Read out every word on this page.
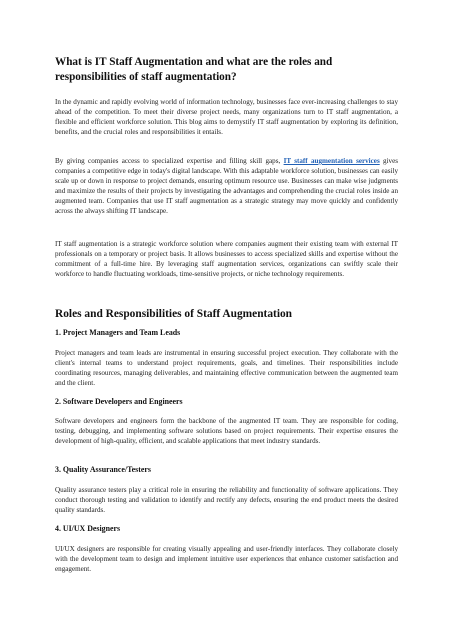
What is IT Staff Augmentation and what are the roles and responsibilities of staff augmentation?

In the dynamic and rapidly evolving world of information technology, businesses face ever-increasing challenges to stay ahead of the competition. To meet their diverse project needs, many organizations turn to IT staff augmentation, a flexible and efficient workforce solution. This blog aims to demystify IT staff augmentation by exploring its definition, benefits, and the crucial roles and responsibilities it entails.

By giving companies access to specialized expertise and filling skill gaps, IT staff augmentation services gives companies a competitive edge in today's digital landscape. With this adaptable workforce solution, businesses can easily scale up or down in response to project demands, ensuring optimum resource use. Businesses can make wise judgments and maximize the results of their projects by investigating the advantages and comprehending the crucial roles inside an augmented team. Companies that use IT staff augmentation as a strategic strategy may move quickly and confidently across the always shifting IT landscape.

IT staff augmentation is a strategic workforce solution where companies augment their existing team with external IT professionals on a temporary or project basis. It allows businesses to access specialized skills and expertise without the commitment of a full-time hire. By leveraging staff augmentation services, organizations can swiftly scale their workforce to handle fluctuating workloads, time-sensitive projects, or niche technology requirements.

Roles and Responsibilities of Staff Augmentation
1. Project Managers and Team Leads

Project managers and team leads are instrumental in ensuring successful project execution. They collaborate with the client's internal teams to understand project requirements, goals, and timelines. Their responsibilities include coordinating resources, managing deliverables, and maintaining effective communication between the augmented team and the client.

2. Software Developers and Engineers

Software developers and engineers form the backbone of the augmented IT team. They are responsible for coding, testing, debugging, and implementing software solutions based on project requirements. Their expertise ensures the development of high-quality, efficient, and scalable applications that meet industry standards.

3. Quality Assurance/Testers

Quality assurance testers play a critical role in ensuring the reliability and functionality of software applications. They conduct thorough testing and validation to identify and rectify any defects, ensuring the end product meets the desired quality standards.

4. UI/UX Designers

UI/UX designers are responsible for creating visually appealing and user-friendly interfaces. They collaborate closely with the development team to design and implement intuitive user experiences that enhance customer satisfaction and engagement.
